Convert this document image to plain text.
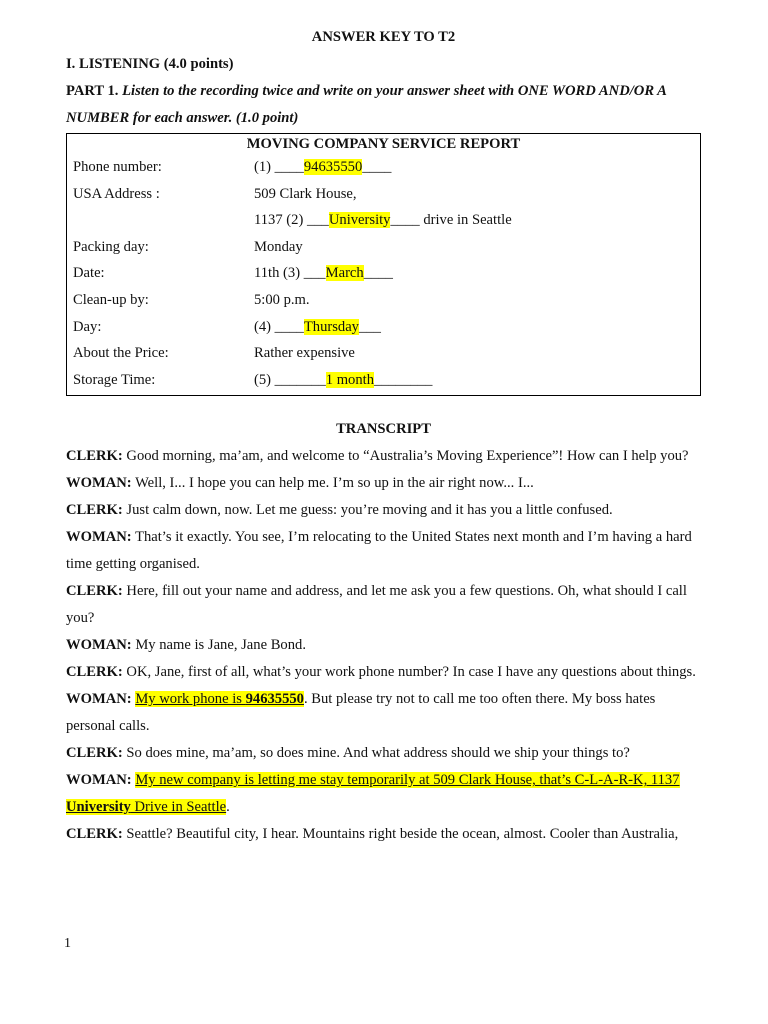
ANSWER KEY TO T2

I. LISTENING (4.0 points)

PART 1. Listen to the recording twice and write on your answer sheet with ONE WORD AND/OR A NUMBER for each answer. (1.0 point)

MOVING COMPANY SERVICE REPORT
Phone number:	(1) ____94635550____
USA Address :	509 Clark House,
1137 (2) ___University____ drive in Seattle
Packing day:	Monday
Date:	11th (3) ___March____
Clean-up by:	5:00 p.m.
Day:	(4) ____Thursday___
About the Price:	Rather expensive
Storage Time:	(5) _______1 month________

TRANSCRIPT

CLERK: Good morning, ma’am, and welcome to “Australia’s Moving Experience”! How can I help you?

WOMAN: Well, I... I hope you can help me. I’m so up in the air right now... I...

CLERK: Just calm down, now. Let me guess: you’re moving and it has you a little confused.

WOMAN: That’s it exactly. You see, I’m relocating to the United States next month and I’m having a hard time getting organised.

CLERK: Here, fill out your name and address, and let me ask you a few questions. Oh, what should I call you?

WOMAN: My name is Jane, Jane Bond.

CLERK: OK, Jane, first of all, what’s your work phone number? In case I have any questions about things.

WOMAN: My work phone is 94635550. But please try not to call me too often there. My boss hates personal calls.

CLERK: So does mine, ma’am, so does mine. And what address should we ship your things to?

WOMAN: My new company is letting me stay temporarily at 509 Clark House, that’s C-L-A-R-K, 1137 University Drive in Seattle.

CLERK: Seattle? Beautiful city, I hear. Mountains right beside the ocean, almost. Cooler than Australia,

1
